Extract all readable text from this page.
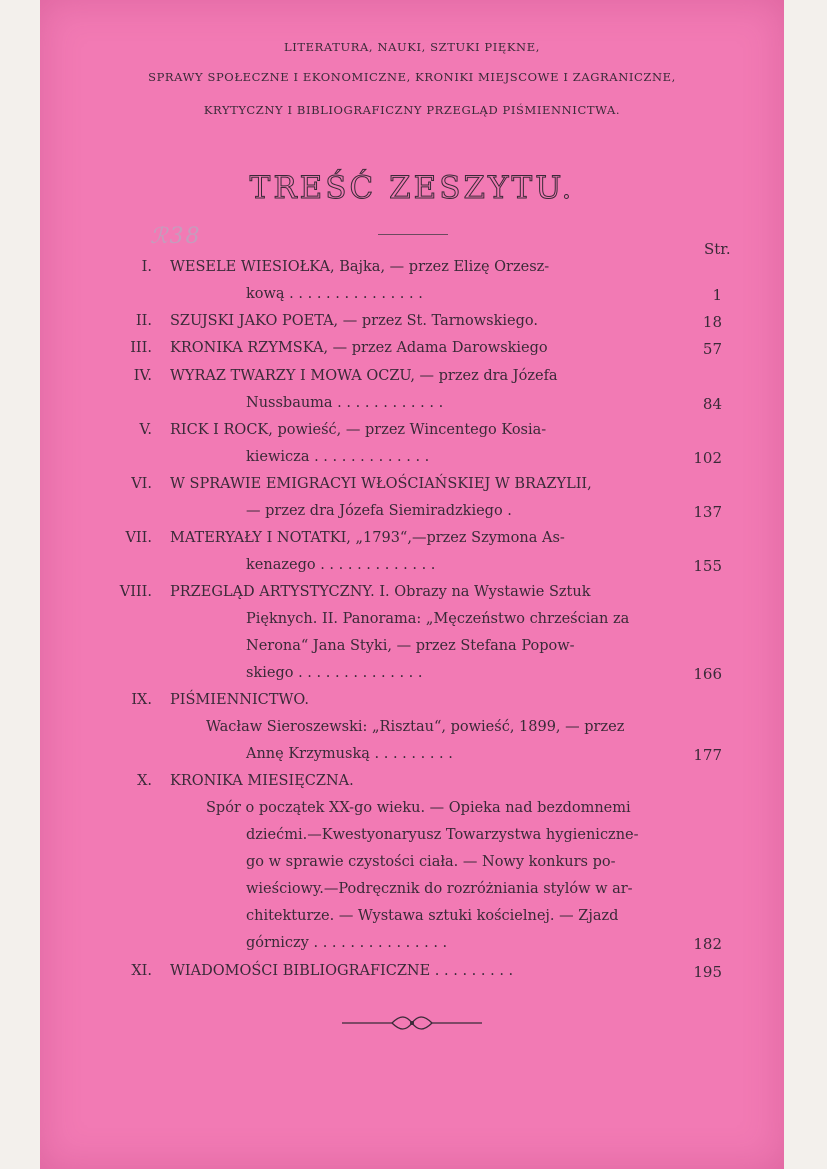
LITERATURA, NAUKI, SZTUKI PIĘKNE,
SPRAWY SPOŁECZNE I EKONOMICZNE, KRONIKI MIEJSCOWE I ZAGRANICZNE,
KRYTYCZNY I BIBLIOGRAFICZNY PRZEGLĄD PIŚMIENNICTWA.
TREŚĆ ZESZYTU.
ℛ38	Str.
I. WESELE WIESIOŁKA, Bajka, — przez Elizę Orzesz-
kową . . . . . . . . . . . . . . .	1
II. SZUJSKI JAKO POETA, — przez St. Tarnowskiego.	18
III. KRONIKA RZYMSKA, — przez Adama Darowskiego	57
IV. WYRAZ TWARZY I MOWA OCZU, — przez dra Józefa
Nussbauma . . . . . . . . . . . .	84
V. RICK I ROCK, powieść, — przez Wincentego Kosia-
kiewicza . . . . . . . . . . . . .	102
VI. W SPRAWIE EMIGRACYI WŁOŚCIAŃSKIEJ W BRAZYLII,
— przez dra Józefa Siemiradzkiego .	137
VII. MATERYAŁY I NOTATKI, „1793“,—przez Szymona As-
kenazego . . . . . . . . . . . . .	155
VIII. PRZEGLĄD ARTYSTYCZNY. I. Obrazy na Wystawie Sztuk
Pięknych. II. Panorama: „Męczeństwo chrześcian za
Nerona“ Jana Styki, — przez Stefana Popow-
skiego . . . . . . . . . . . . . .	166
IX. PIŚMIENNICTWO.
Wacław Sieroszewski: „Risztau“, powieść, 1899, — przez
Annę Krzymuską . . . . . . . . .	177
X. KRONIKA MIESIĘCZNA.
Spór o początek XX-go wieku. — Opieka nad bezdomnemi
dziećmi.—Kwestyonaryusz Towarzystwa hygieniczne-
go w sprawie czystości ciała. — Nowy konkurs po-
wieściowy.—Podręcznik do rozróżniania stylów w ar-
chitekturze. — Wystawa sztuki kościelnej. — Zjazd
górniczy . . . . . . . . . . . . . . .	182
XI. WIADOMOŚCI BIBLIOGRAFICZNE . . . . . . . . .	195
